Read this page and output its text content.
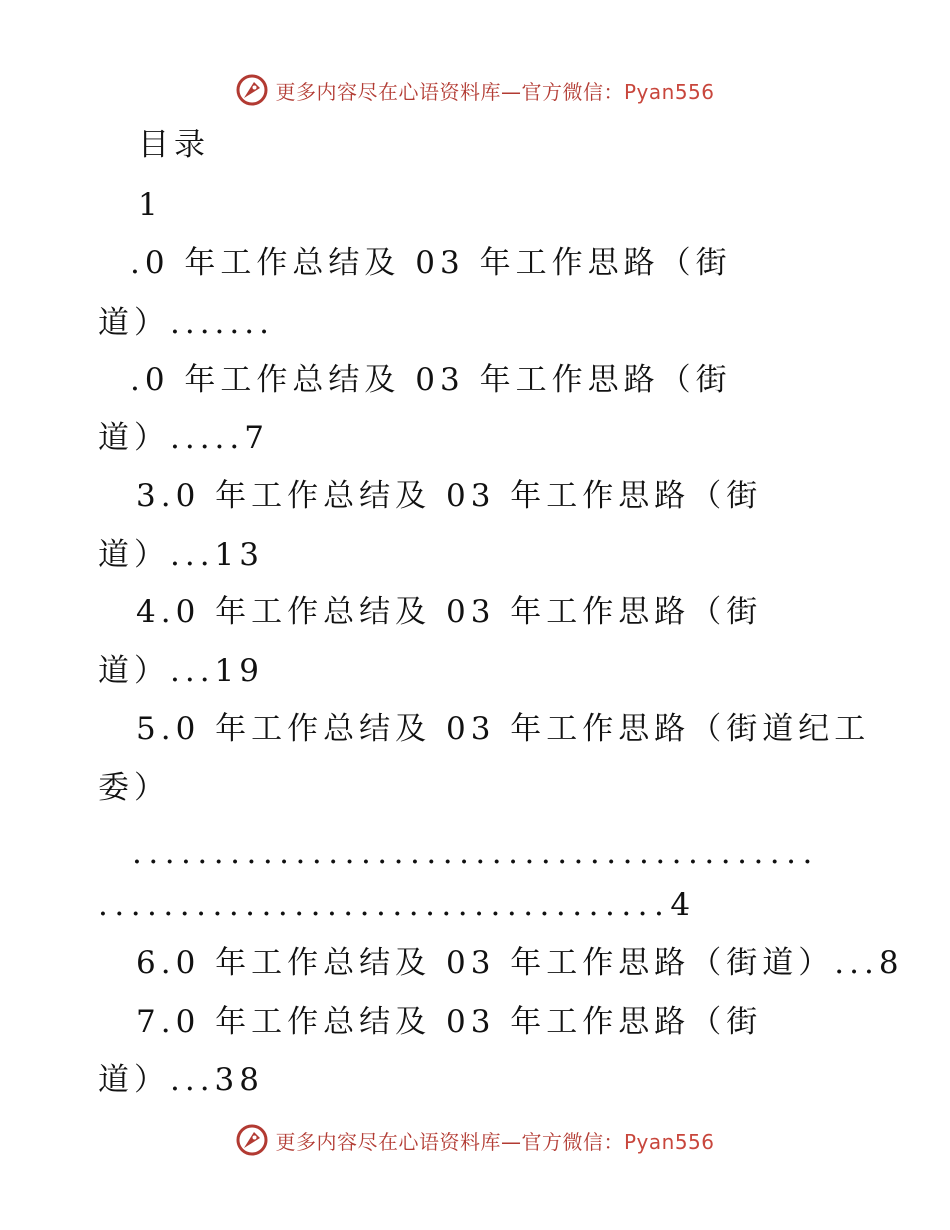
更多内容尽在心语资料库—官方微信：Pyan556
目录
1
.0 年工作总结及 03 年工作思路（街
道）.......
.0 年工作总结及 03 年工作思路（街
道）.....7
3.0 年工作总结及 03 年工作思路（街
道）...13
4.0 年工作总结及 03 年工作思路（街
道）...19
5.0 年工作总结及 03 年工作思路（街道纪工
委）
..........................................
...................................4
6.0 年工作总结及 03 年工作思路（街道）...8
7.0 年工作总结及 03 年工作思路（街
道）...38
更多内容尽在心语资料库—官方微信：Pyan556
